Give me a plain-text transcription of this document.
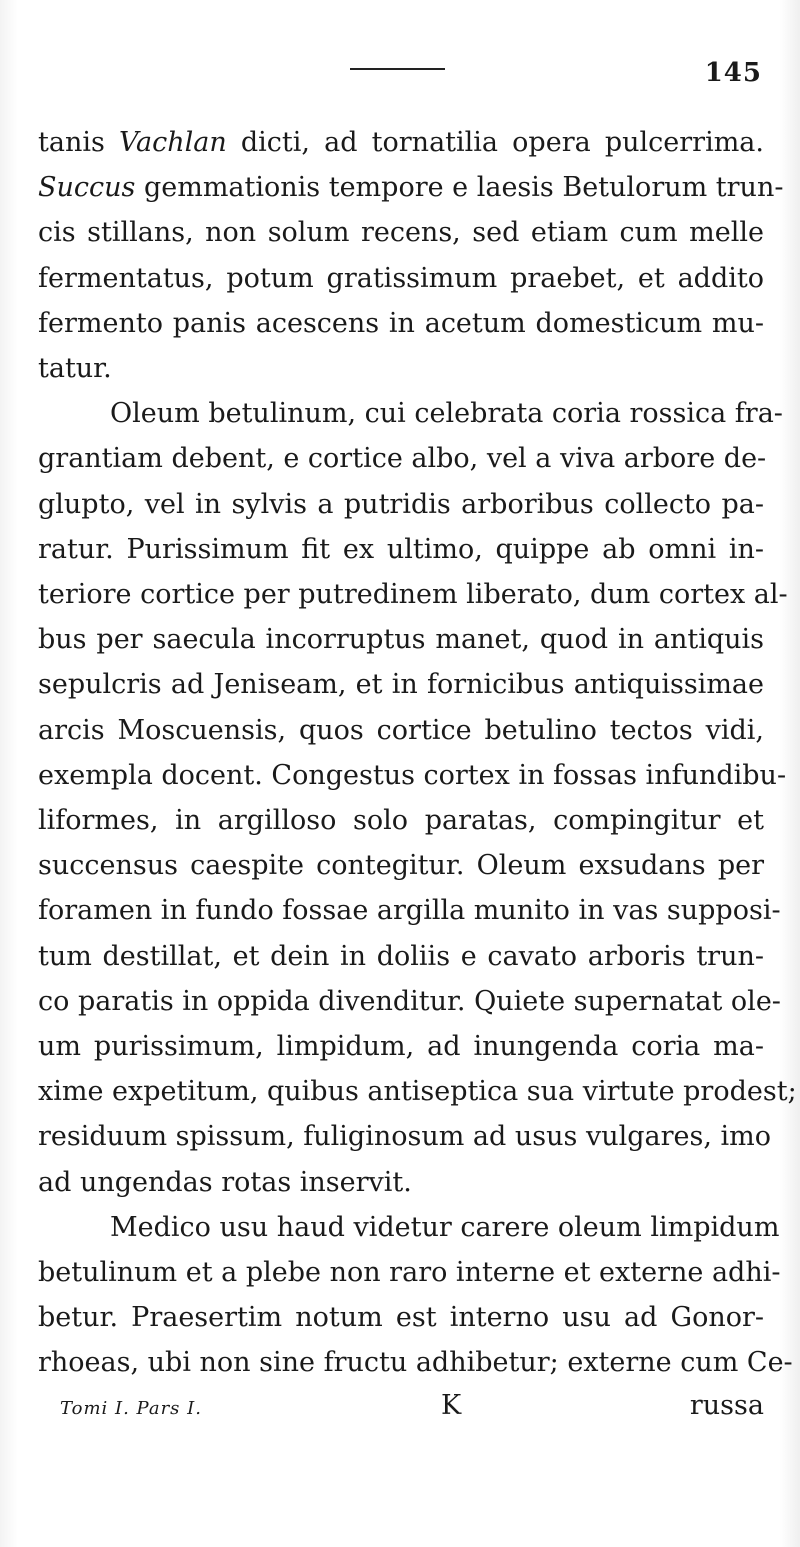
145
tanis Vachlan dicti, ad tornatilia opera pulcerrima.
Succus gemmationis tempore e laesis Betulorum trun-
cis stillans, non solum recens, sed etiam cum melle
fermentatus, potum gratissimum praebet, et addito
fermento panis acescens in acetum domesticum mu-
tatur.
Oleum betulinum, cui celebrata coria rossica fra-
grantiam debent, e cortice albo, vel a viva arbore de-
glupto, vel in sylvis a putridis arboribus collecto pa-
ratur. Purissimum fit ex ultimo, quippe ab omni in-
teriore cortice per putredinem liberato, dum cortex al-
bus per saecula incorruptus manet, quod in antiquis
sepulcris ad Jeniseam, et in fornicibus antiquissimae
arcis Moscuensis, quos cortice betulino tectos vidi,
exempla docent. Congestus cortex in fossas infundibu-
liformes, in argilloso solo paratas, compingitur et
succensus caespite contegitur. Oleum exsudans per
foramen in fundo fossae argilla munito in vas supposi-
tum destillat, et dein in doliis e cavato arboris trun-
co paratis in oppida divenditur. Quiete supernatat ole-
um purissimum, limpidum, ad inungenda coria ma-
xime expetitum, quibus antiseptica sua virtute prodest;
residuum spissum, fuliginosum ad usus vulgares, imo
ad ungendas rotas inservit.
Medico usu haud videtur carere oleum limpidum
betulinum et a plebe non raro interne et externe adhi-
betur. Praesertim notum est interno usu ad Gonor-
rhoeas, ubi non sine fructu adhibetur; externe cum Ce-
Tomi I. Pars I.	K	russa
